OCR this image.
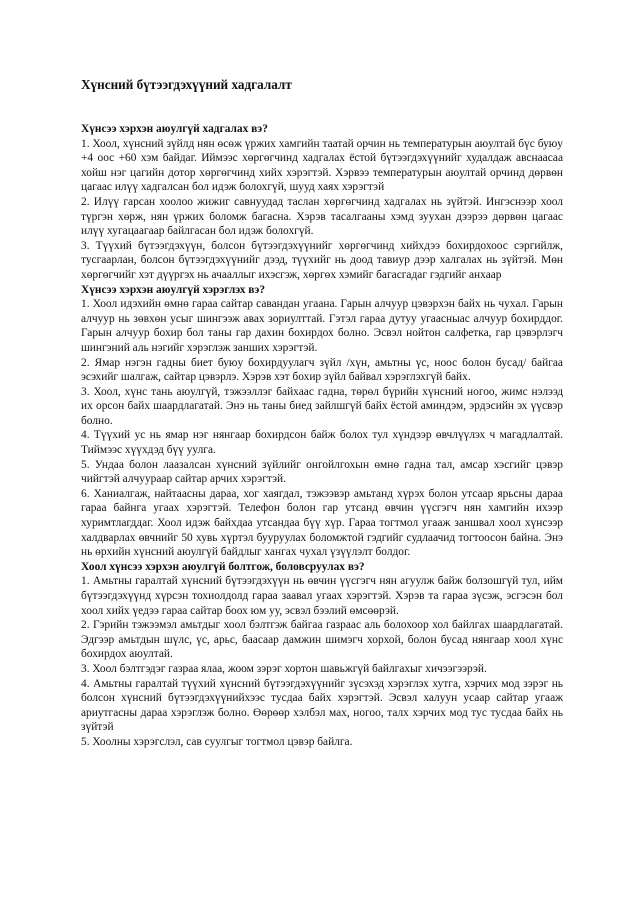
Хүнсний бүтээгдэхүүний хадгалалт

Хүнсээ хэрхэн аюулгүй хадгалах вэ?

1. Хоол, хүнсний зүйлд нян өсөж үржих хамгийн таатай орчин нь температурын аюултай бүс буюу +4 оос +60 хэм байдаг. Иймээс хөргөгчинд хадгалах ёстой бүтээгдэхүүнийг худалдаж авснаасаа хойш нэг цагийн дотор хөргөгчинд хийх хэрэгтэй. Хэрвээ температурын аюултай орчинд дөрвөн цагаас илүү хадгалсан бол идэж болохгүй, шууд хаях хэрэгтэй

2. Илүү гарсан хоолоо жижиг савнуудад таслан хөргөгчинд хадгалах нь зүйтэй. Ингэснээр хоол түргэн хөрж, нян үржих боломж багасна. Хэрэв тасалгааны хэмд зуухан дээрээ дөрвөн цагаас илүү хугацаагаар байлгасан бол идэж болохгүй.

3. Түүхий бүтээгдэхүүн, болсон бүтээгдэхүүнийг хөргөгчинд хийхдээ бохирдохоос сэргийлж, тусгаарлан, болсон бүтээгдэхүүнийг дээд, түүхийг нь доод тавиур дээр халгалах нь зүйтэй. Мөн хөргөгчийг хэт дүүргэх нь ачааллыг ихэсгэж, хөргөх хэмийг багасгадаг гэдгийг анхаар

Хүнсээ хэрхэн аюулгүй хэрэглэх вэ?

1. Хоол идэхийн өмнө гараа сайтар савандан угаана. Гарын алчуур цэвэрхэн байх нь чухал. Гарын алчуур нь зөвхөн усыг шингээж авах зориулттай. Гэтэл гараа дутуу угаасныас алчуур бохирддог. Гарын алчуур бохир бол таны гар дахин бохирдох болно. Эсвэл нойтон салфетка, гар цэвэрлэгч шингэний аль нэгийг хэрэглэж заншиx хэрэгтэй.

2. Ямар нэгэн гадны биет буюу бохирдуулагч зүйл /хүн, амьтны үс, ноос болон бусад/ байгаа эсэхийг шалгаж, сайтар цэвэрлэ. Хэрэв хэт бохир зүйл байвал хэрэглэхгүй байх.

3. Хоол, хүнс тань аюулгүй, тэжээллэг байхаас гадна, төрөл бүрийн хүнсний ногоо, жимс нэлээд их орсон байх шаардлагатай. Энэ нь таны биед зайлшгүй байх ёстой аминдэм, эрдэсийн эх үүсвэр болно.

4. Түүхий ус нь ямар нэг нянгаар бохирдсон байж болох тул хүндээр өвчлүүлэх ч магадлалтай. Тиймээс хүүхдэд бүү уулга.

5. Ундаа болон лаазалсан хүнсний зүйлийг онгойлгохын өмнө гадна тал, амсар хэсгийг цэвэр чийгтэй алчуураар сайтар арчих хэрэгтэй.

6. Ханиалгаж, найтаасны дараа, хог хаягдал, тэжээвэр амьтанд хүрэх болон утсаар ярьсны дараа гараа байнга угаах хэрэгтэй. Телефон болон гар утсанд өвчин үүсгэгч нян хамгийн ихээр хуримтлагддаг. Хоол идэж байхдаа утсандаа бүү хүр. Гараа тогтмол угааж заншвал хоол хүнсээр халдварлах өвчнийг 50 хувь хүртэл бууруулах боломжтой гэдгийг судлаачид тогтоосон байна. Энэ нь өрхийн хүнсний аюулгүй байдлыг хангах чухал үзүүлэлт болдог.

Хоол хүнсээ хэрхэн аюулгүй болтгож, боловсруулах вэ?

1. Амьтны гаралтай хүнсний бүтээгдэхүүн нь өвчин үүсгэгч нян агуулж байж болзошгүй тул, ийм бүтээгдэхүүнд хүрсэн тохиолдолд гараа заавал угаах хэрэгтэй. Хэрэв та гараа зүсэж, эсгэсэн бол хоол хийх үедээ гараа сайтар боох юм уу, эсвэл бээлий өмсөөрэй.

2. Гэрийн тэжээмэл амьтдыг хоол бэлтгэж байгаа газраас аль болохоор хол байлгах шаардлагатай. Эдгээр амьтдын шүлс, үс, арьс, баасаар дамжин шимэгч хорхой, болон бусад нянгаар хоол хүнс бохирдох аюултай.

3. Хоол бэлтгэдэг газраа ялаа, жоом зэрэг хортон шавьжгүй байлгахыг хичээгээрэй.

4. Амьтны гаралтай түүхий хүнсний бүтээгдэхүүнийг зүсэхэд хэрэглэх хутга, хэрчих мод зэрэг нь болсон хүнсний бүтээгдэхүүнийхээс тусдаа байх хэрэгтэй. Эсвэл халуун усаар сайтар угааж ариутгасны дараа хэрэглэж болно. Өөрөөр хэлбэл мах, ногоо, талх хэрчих мод тус тусдаа байх нь зүйтэй

5. Хоолны хэрэгслэл, сав суулгыг тогтмол цэвэр байлга.
